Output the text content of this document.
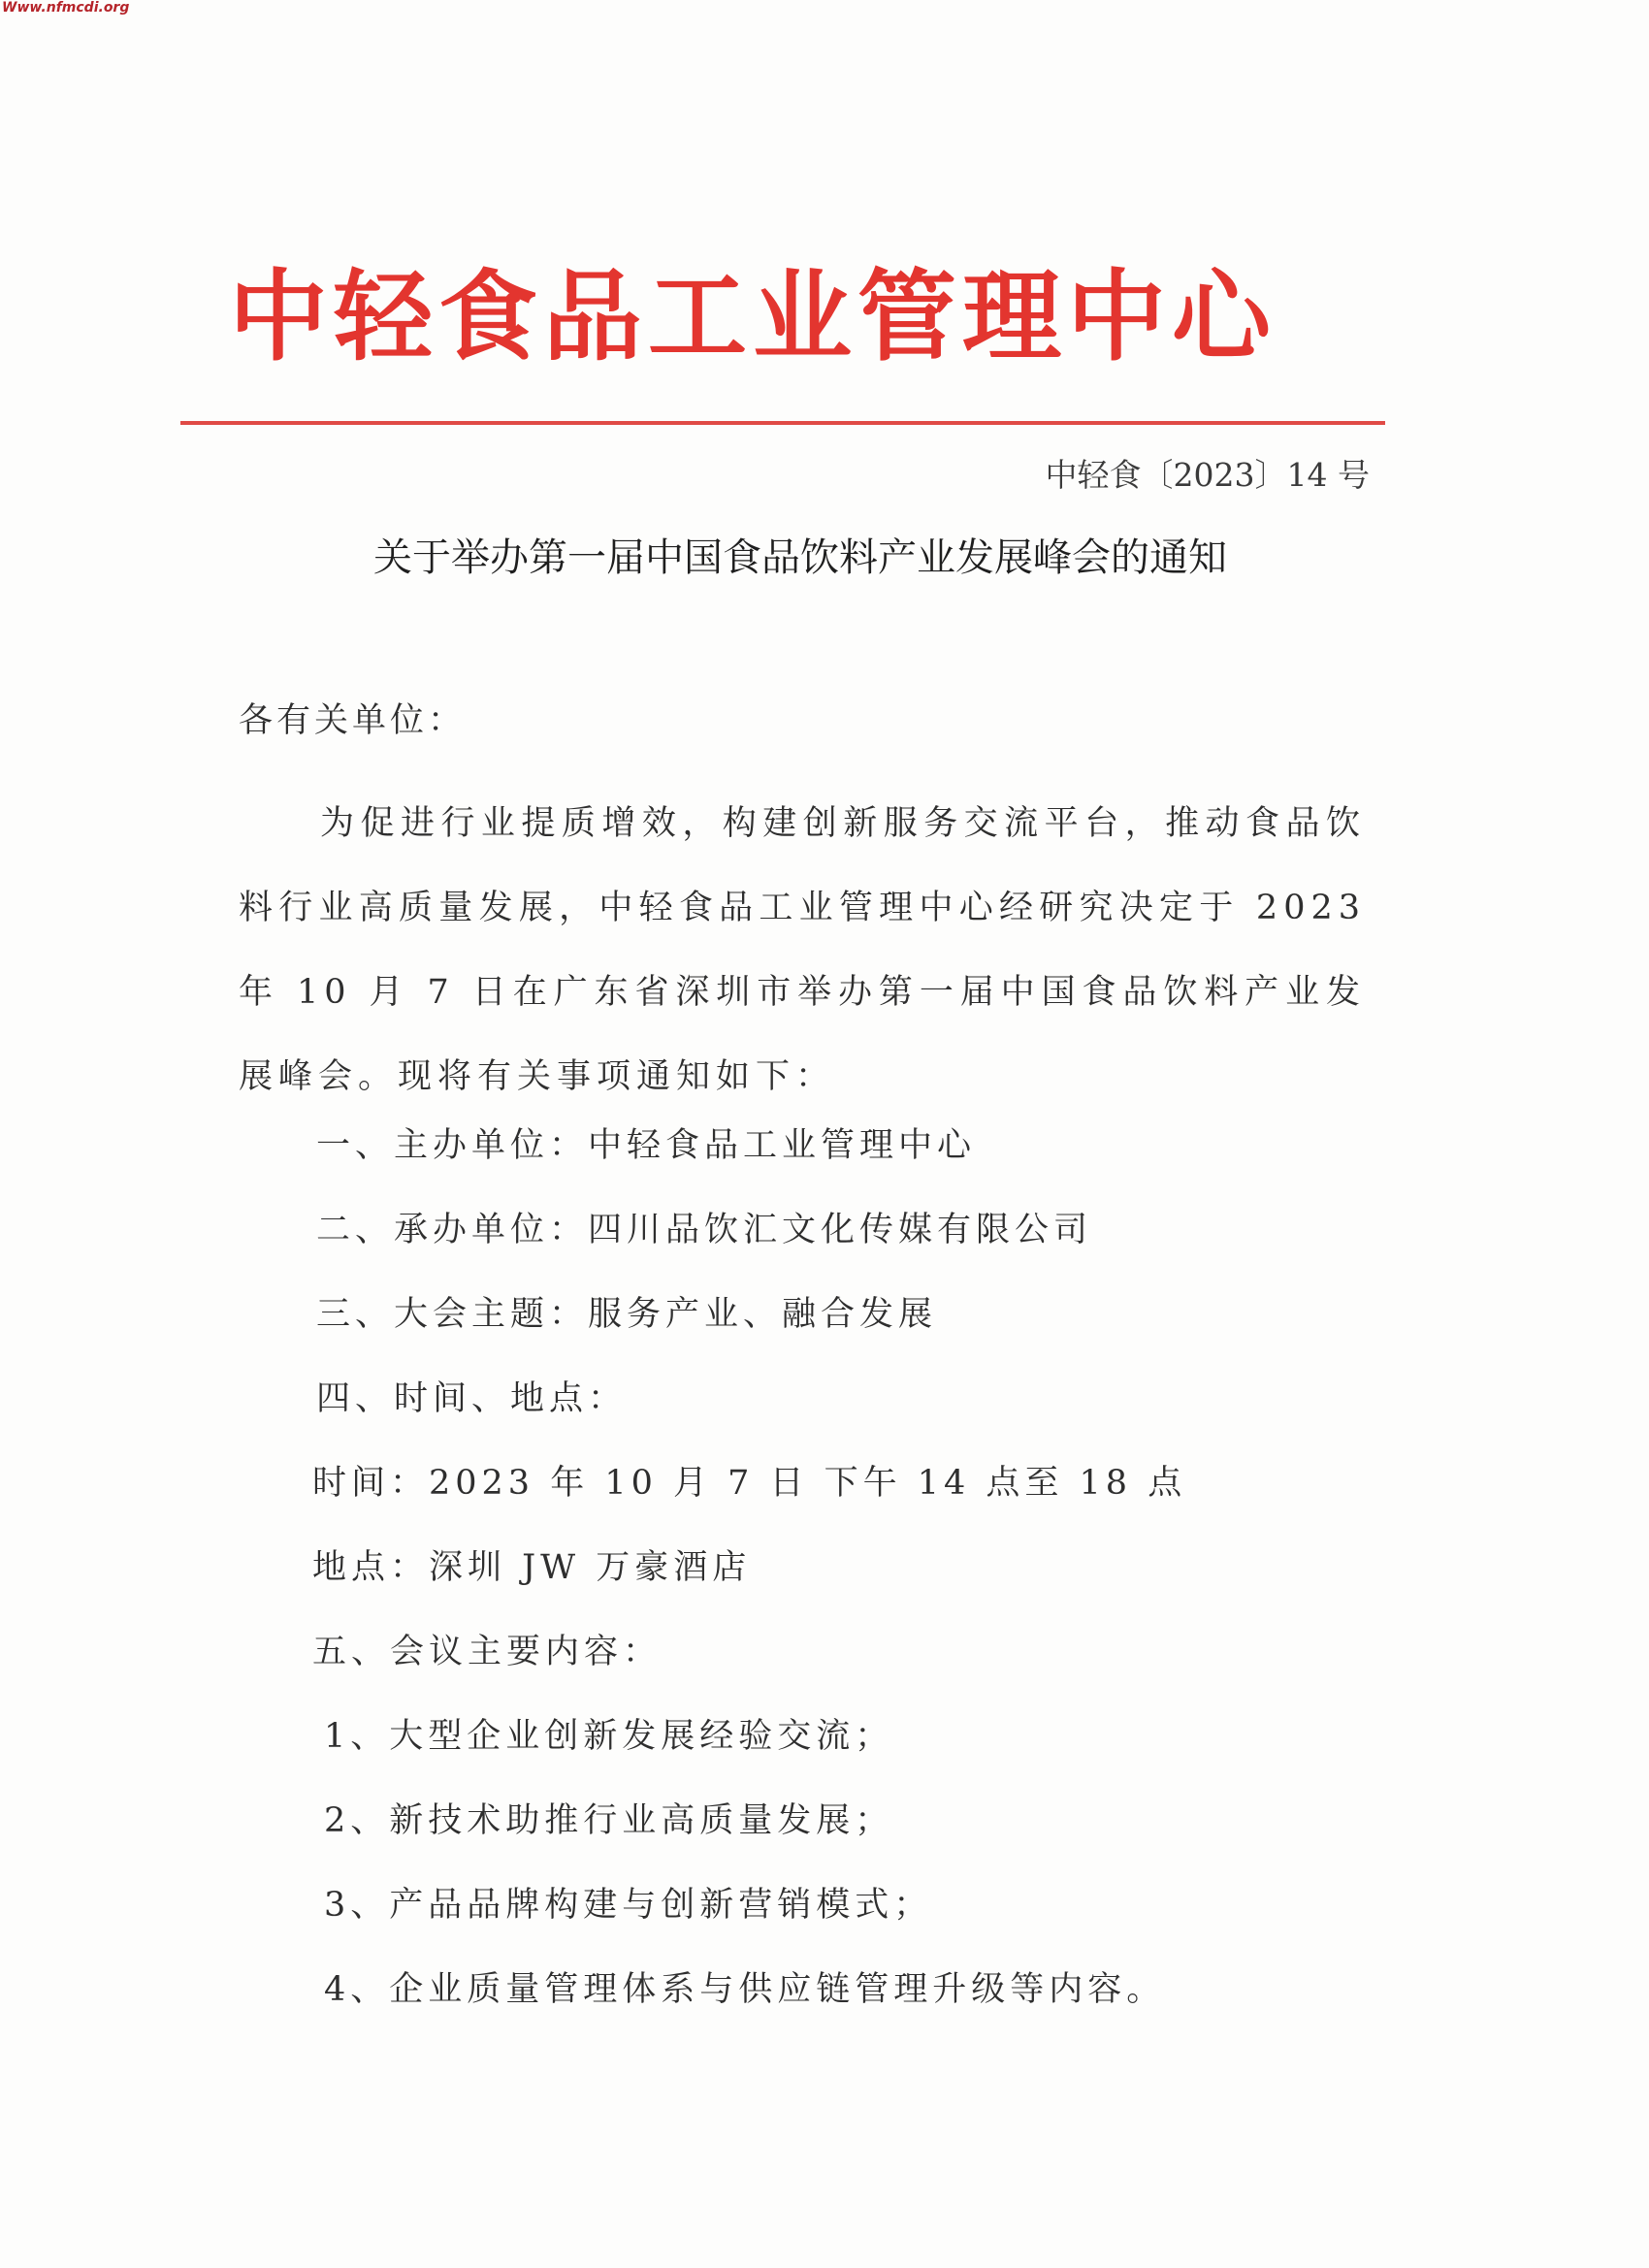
Www.nfmcdi.org
中轻食品工业管理中心
中轻食〔2023〕14 号
关于举办第一届中国食品饮料产业发展峰会的通知
各有关单位：
为促进行业提质增效，构建创新服务交流平台，推动食品饮料行业高质量发展，中轻食品工业管理中心经研究决定于 2023 年 10 月 7 日在广东省深圳市举办第一届中国食品饮料产业发展峰会。现将有关事项通知如下：
一、主办单位：中轻食品工业管理中心
二、承办单位：四川品饮汇文化传媒有限公司
三、大会主题：服务产业、融合发展
四、时间、地点：
时间：2023 年 10 月 7 日 下午 14 点至 18 点
地点：深圳 JW 万豪酒店
五、会议主要内容：
1、大型企业创新发展经验交流；
2、新技术助推行业高质量发展；
3、产品品牌构建与创新营销模式；
4、企业质量管理体系与供应链管理升级等内容。
